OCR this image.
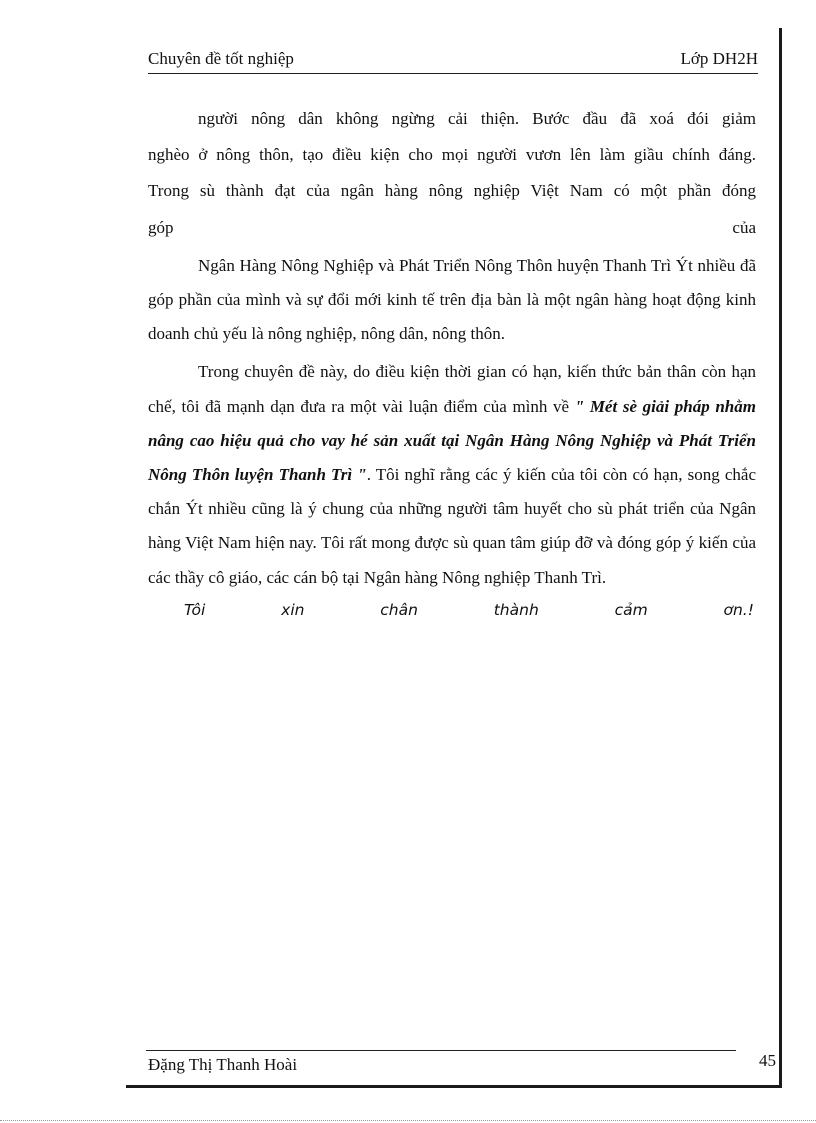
Chuyên đề tốt nghiệp	Lớp DH2H

người nông dân không ngừng cải thiện. Bước đầu đã xoá đói giảm

nghèo ở nông thôn, tạo điều kiện cho mọi người vươn lên làm giầu chính đáng.

Trong sù thành đạt của ngân hàng nông nghiệp Việt Nam có một phần đóng

góp	của

Ngân Hàng Nông Nghiệp và Phát Triển Nông Thôn huyện Thanh Trì Ýt nhiều đã góp phần của mình và sự đổi mới kinh tế trên địa bàn là một ngân hàng hoạt động kinh doanh chủ yếu là nông nghiệp, nông dân, nông thôn.

Trong chuyên đề này, do điều kiện thời gian có hạn, kiến thức bản thân còn hạn chế, tôi đã mạnh dạn đưa ra một vài luận điểm của mình về " Mét sè giải pháp nhằm nâng cao hiệu quả cho vay hé sản xuất tại Ngân Hàng Nông Nghiệp và Phát Triển Nông Thôn luyện Thanh Trì ". Tôi nghĩ rằng các ý kiến của tôi còn có hạn, song chắc chắn Ýt nhiều cũng là ý chung của những người tâm huyết cho sù phát triển của Ngân hàng Việt Nam hiện nay. Tôi rất mong được sù quan tâm giúp đỡ và đóng góp ý kiến của các thầy cô giáo, các cán bộ tại Ngân hàng Nông nghiệp Thanh Trì.

Tôi	xin	chân	thành	cảm	ơn.!
Đặng Thị Thanh Hoài	45
